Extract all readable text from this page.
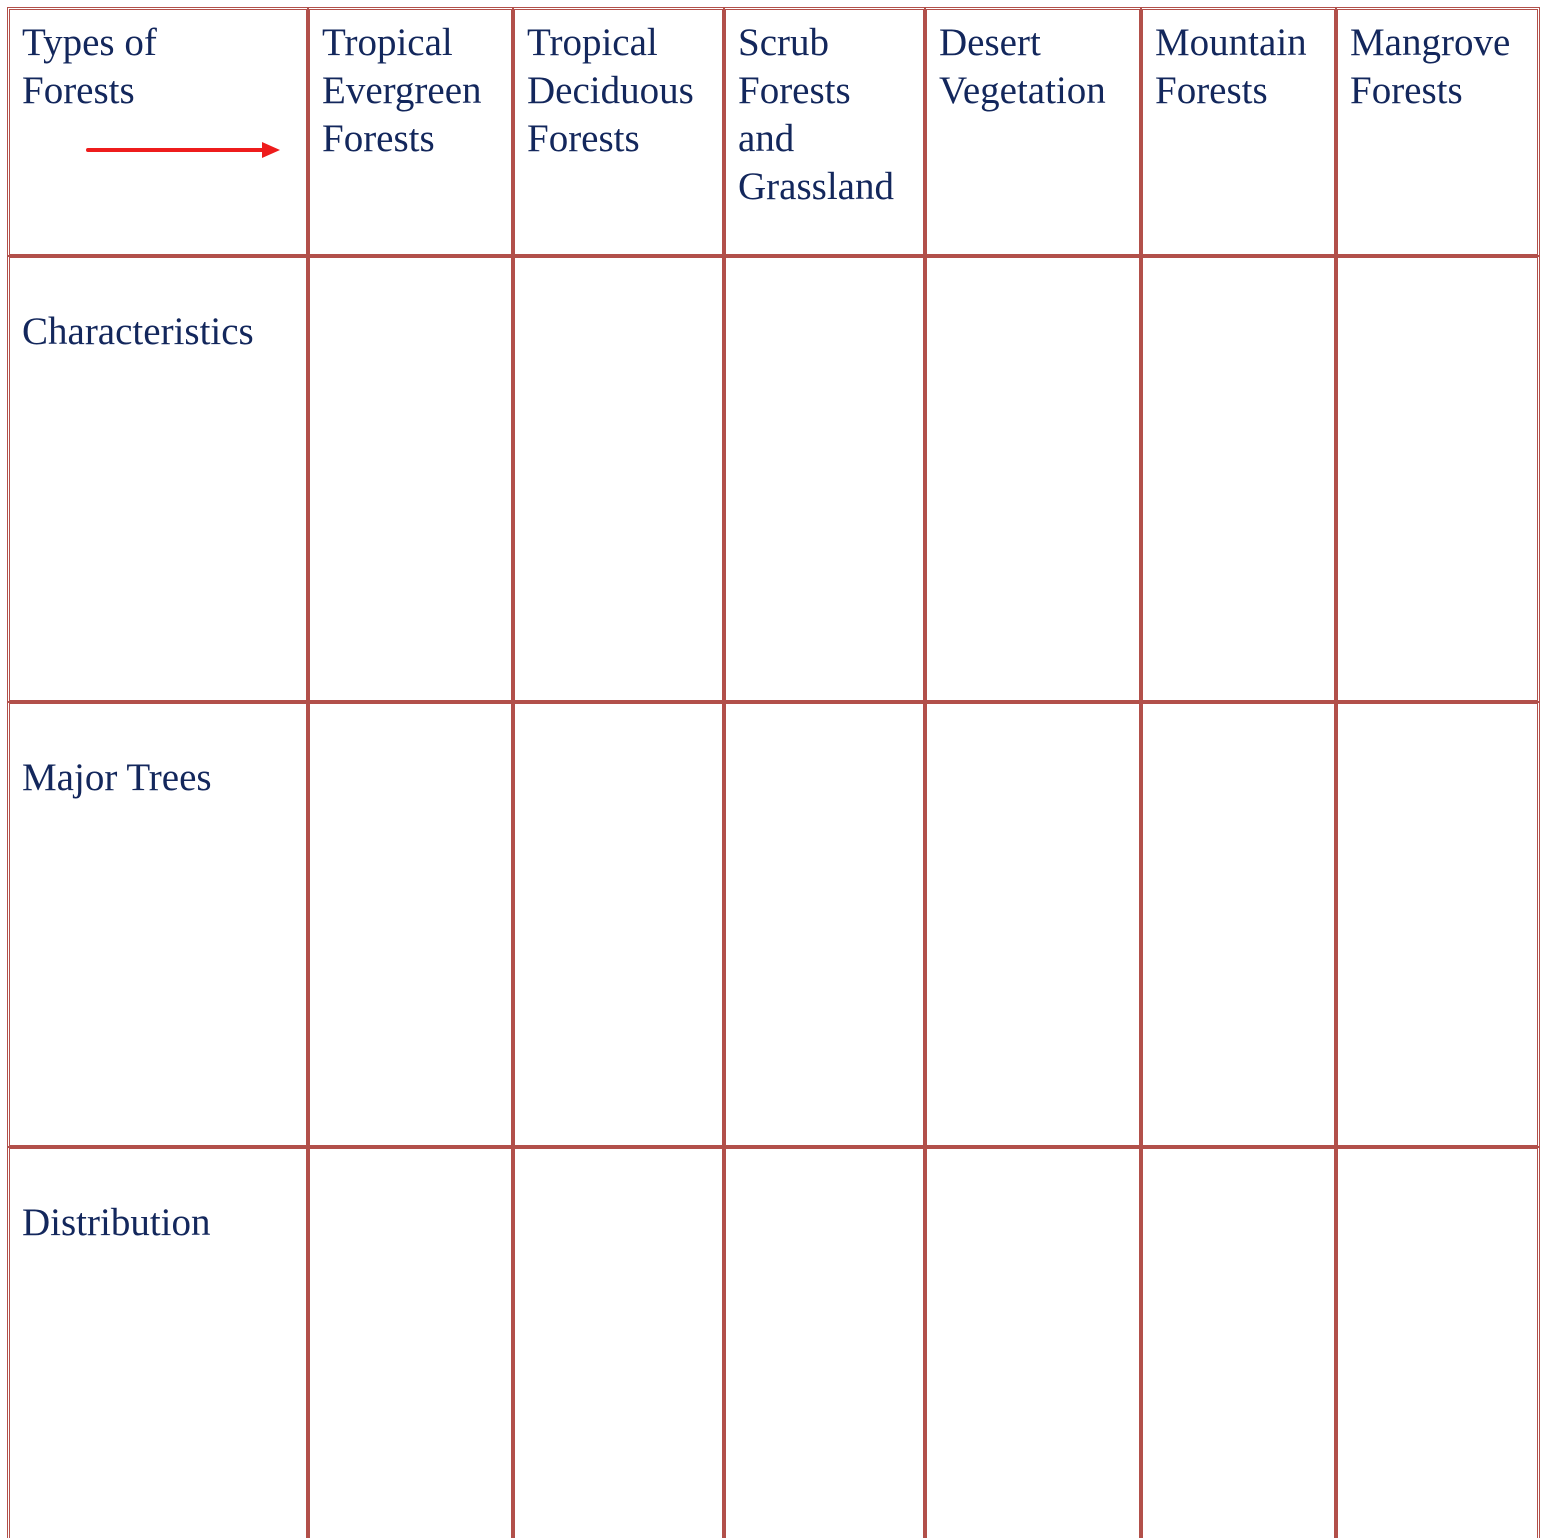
Types of
Forests
Tropical
Evergreen
Forests
Tropical
Deciduous
Forests
Scrub
Forests
and
Grassland
Desert
Vegetation
Mountain
Forests
Mangrove
Forests
Characteristics
Major Trees
Distribution
